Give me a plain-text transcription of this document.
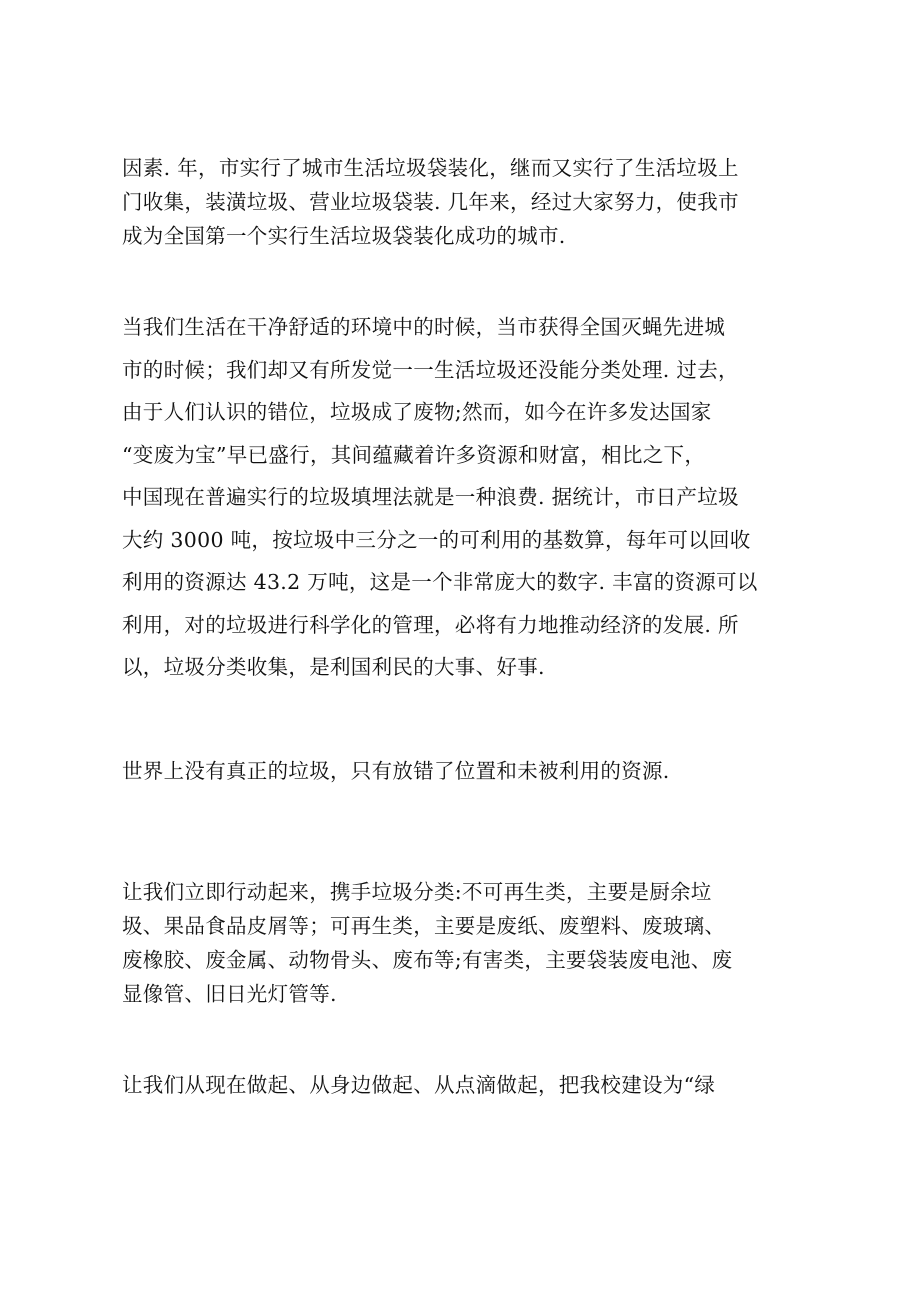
因素. 年，市实行了城市生活垃圾袋装化，继而又实行了生活垃圾上
门收集，装潢垃圾、营业垃圾袋装. 几年来，经过大家努力，使我市
成为全国第一个实行生活垃圾袋装化成功的城市.

当我们生活在干净舒适的环境中的时候，当市获得全国灭蝇先进城
市的时候；我们却又有所发觉一一生活垃圾还没能分类处理. 过去，
由于人们认识的错位，垃圾成了废物;然而，如今在许多发达国家
“变废为宝”早已盛行，其间蕴藏着许多资源和财富，相比之下，
中国现在普遍实行的垃圾填埋法就是一种浪费. 据统计，市日产垃圾
大约 3000 吨，按垃圾中三分之一的可利用的基数算，每年可以回收
利用的资源达 43.2 万吨，这是一个非常庞大的数字. 丰富的资源可以
利用，对的垃圾进行科学化的管理，必将有力地推动经济的发展. 所
以，垃圾分类收集，是利国利民的大事、好事.

世界上没有真正的垃圾，只有放错了位置和未被利用的资源.

让我们立即行动起来，携手垃圾分类:不可再生类，主要是厨余垃
圾、果品食品皮屑等；可再生类，主要是废纸、废塑料、废玻璃、
废橡胶、废金属、动物骨头、废布等;有害类，主要袋装废电池、废
显像管、旧日光灯管等.

让我们从现在做起、从身边做起、从点滴做起，把我校建设为“绿
